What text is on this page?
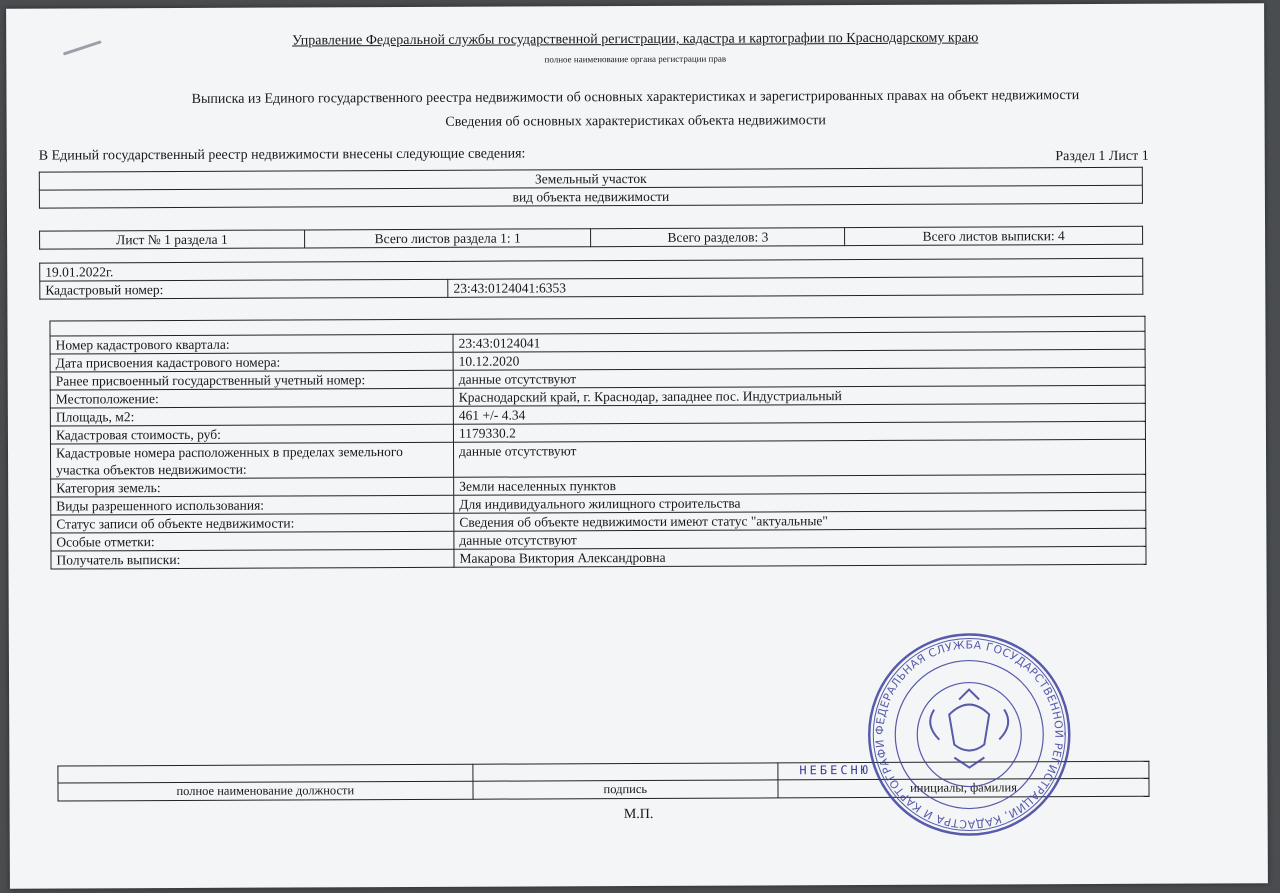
Управление Федеральной службы государственной регистрации, кадастра и картографии по Краснодарскому краю
полное наименование органа регистрации прав
Выписка из Единого государственного реестра недвижимости об основных характеристиках и зарегистрированных правах на объект недвижимости
Сведения об основных характеристиках объекта недвижимости
В Единый государственный реестр недвижимости внесены следующие сведения:	Раздел 1 Лист 1
Земельный участок
вид объекта недвижимости
Лист № 1 раздела 1	Всего листов раздела 1: 1	Всего разделов: 3	Всего листов выписки: 4
19.01.2022г.
Кадастровый номер:	23:43:0124041:6353

Номер кадастрового квартала:	23:43:0124041
Дата присвоения кадастрового номера:	10.12.2020
Ранее присвоенный государственный учетный номер:	данные отсутствуют
Местоположение:	Краснодарский край, г. Краснодар, западнее пос. Индустриальный
Площадь, м2:	461 +/- 4.34
Кадастровая стоимость, руб:	1179330.2
Кадастровые номера расположенных в пределах земельного участка объектов недвижимости:	данные отсутствуют
Категория земель:	Земли населенных пунктов
Виды разрешенного использования:	Для индивидуального жилищного строительства
Статус записи об объекте недвижимости:	Сведения об объекте недвижимости имеют статус "актуальные"
Особые отметки:	данные отсутствуют
Получатель выписки:	Макарова Виктория Александровна

полное наименование должности	подпись	инициалы, фамилия
М.П.
НЕБЕСНЮ
ФЕДЕРАЛЬНАЯ СЛУЖБА ГОСУДАРСТВЕННОЙ РЕГИСТРАЦИИ, КАДАСТРА И КАРТОГРАФИИ
